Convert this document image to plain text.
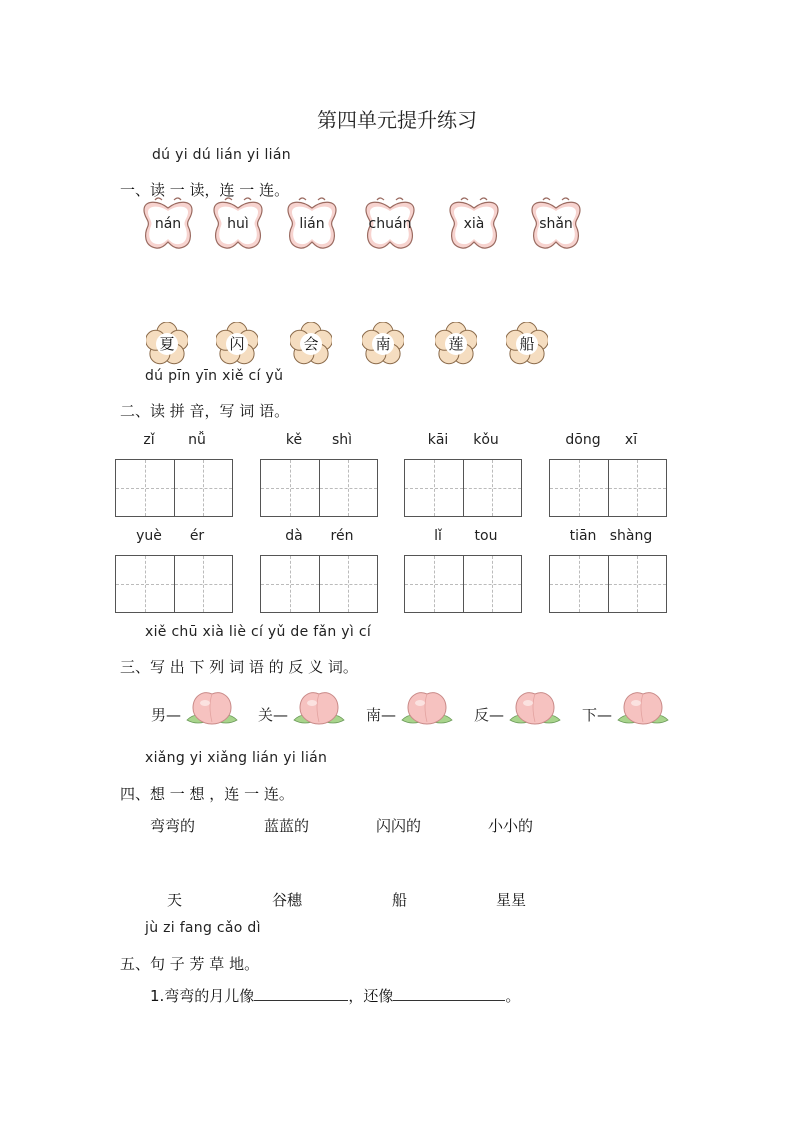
第四单元提升练习
dú yi dú lián yi lián
一、读 一 读，连 一 连。
nán	huì	lián	chuán	xià	shǎn
夏	闪	会	南	莲	船
dú pīn yīn xiě cí yǔ
二、读 拼 音，写 词 语。
zǐ nǚ	kě shì	kāi kǒu	dōng xī
yuè ér	dà rén	lǐ tou	tiān shàng
xiě chū xià liè cí yǔ de fǎn yì cí
三、写 出 下 列 词 语 的 反 义 词。
男—	关—	南—	反—	下—
xiǎng yi xiǎng lián yi lián
四、想 一 想 ，连 一 连。
弯弯的	蓝蓝的	闪闪的	小小的
天	谷穗	船	星星
jù zi fang cǎo dì
五、句 子 芳 草 地。
1.弯弯的月儿像	，还像	。
